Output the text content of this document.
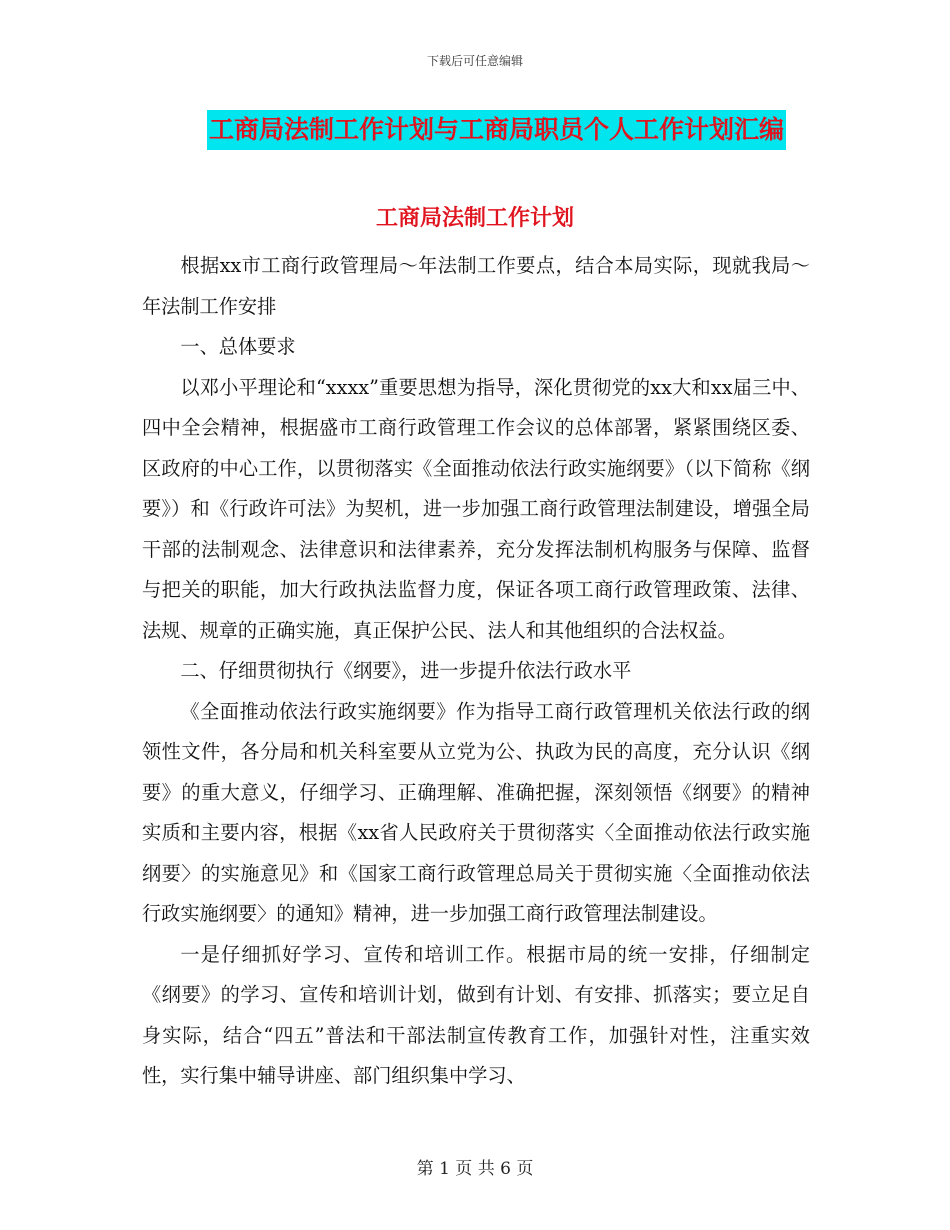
下载后可任意编辑
工商局法制工作计划与工商局职员个人工作计划汇编
工商局法制工作计划

根据xx市工商行政管理局～年法制工作要点，结合本局实际，现就我局～年法制工作安排

一、总体要求

以邓小平理论和“xxxx”重要思想为指导，深化贯彻党的xx大和xx届三中、四中全会精神，根据盛市工商行政管理工作会议的总体部署，紧紧围绕区委、区政府的中心工作，以贯彻落实《全面推动依法行政实施纲要》（以下简称《纲要》）和《行政许可法》为契机，进一步加强工商行政管理法制建设，增强全局干部的法制观念、法律意识和法律素养，充分发挥法制机构服务与保障、监督与把关的职能，加大行政执法监督力度，保证各项工商行政管理政策、法律、法规、规章的正确实施，真正保护公民、法人和其他组织的合法权益。

二、仔细贯彻执行《纲要》，进一步提升依法行政水平

《全面推动依法行政实施纲要》作为指导工商行政管理机关依法行政的纲领性文件，各分局和机关科室要从立党为公、执政为民的高度，充分认识《纲要》的重大意义，仔细学习、正确理解、准确把握，深刻领悟《纲要》的精神实质和主要内容，根据《xx省人民政府关于贯彻落实〈全面推动依法行政实施纲要〉的实施意见》和《国家工商行政管理总局关于贯彻实施〈全面推动依法行政实施纲要〉的通知》精神，进一步加强工商行政管理法制建设。

一是仔细抓好学习、宣传和培训工作。根据市局的统一安排，仔细制定《纲要》的学习、宣传和培训计划，做到有计划、有安排、抓落实；要立足自身实际，结合“四五”普法和干部法制宣传教育工作，加强针对性，注重实效性，实行集中辅导讲座、部门组织集中学习、

第 1 页 共 6 页
